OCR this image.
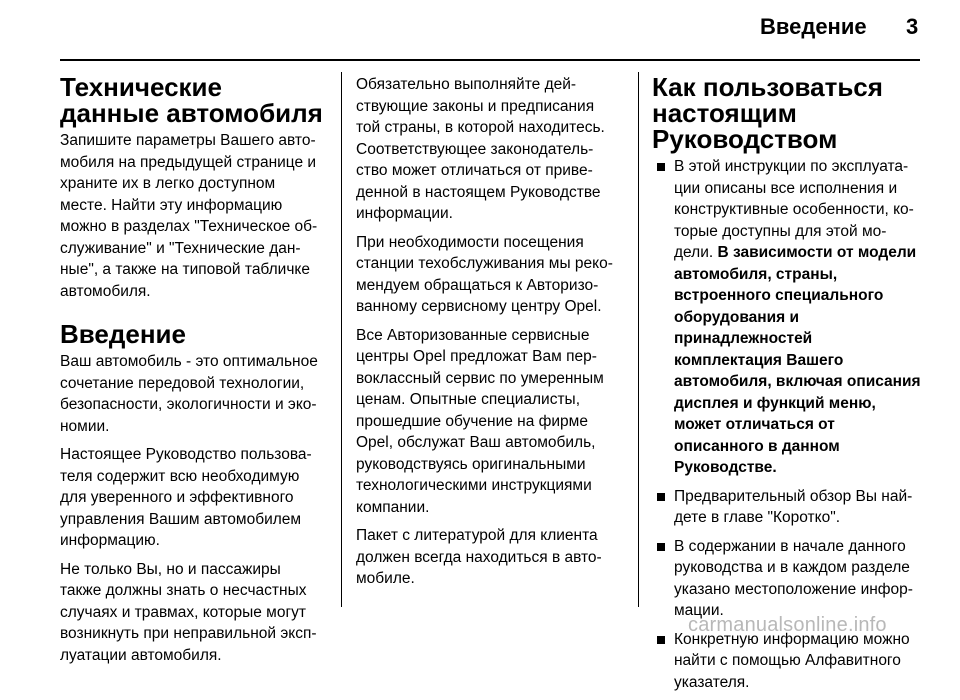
Введение 3
Технические данные автомобиля

Запишите параметры Вашего авто-мобиля на предыдущей странице и храните их в легко доступном месте. Найти эту информацию можно в разделах "Техническое об-служивание" и "Технические дан-ные", а также на типовой табличке автомобиля.

Введение

Ваш автомобиль - это оптимальное сочетание передовой технологии, безопасности, экологичности и эко-номии.

Настоящее Руководство пользова-теля содержит всю необходимую для уверенного и эффективного управления Вашим автомобилем информацию.

Не только Вы, но и пассажиры также должны знать о несчастных случаях и травмах, которые могут возникнуть при неправильной эксп-луатации автомобиля.

Обязательно выполняйте дей-ствующие законы и предписания той страны, в которой находитесь. Соответствующее законодатель-ство может отличаться от приве-денной в настоящем Руководстве информации.

При необходимости посещения станции техобслуживания мы реко-мендуем обращаться к Авторизо-ванному сервисному центру Opel.

Все Авторизованные сервисные центры Opel предложат Вам пер-воклассный сервис по умеренным ценам. Опытные специалисты, прошедшие обучение на фирме Opel, обслужат Ваш автомобиль, руководствуясь оригинальными технологическими инструкциями компании.

Пакет с литературой для клиента должен всегда находиться в авто-мобиле.

Как пользоваться настоящим Руководством
В этой инструкции по эксплуата-ции описаны все исполнения и конструктивные особенности, ко-торые доступны для этой мо-дели. В зависимости от модели автомобиля, страны, встроенного специального оборудования и принадлежностей комплектация Вашего автомобиля, включая описания дисплея и функций меню, может отличаться от описанного в данном Руководстве.
Предварительный обзор Вы най-дете в главе "Коротко".
В содержании в начале данного руководства и в каждом разделе указано местоположение инфор-мации.
Конкретную информацию можно найти с помощью Алфавитного указателя.
carmanualsonline.info
